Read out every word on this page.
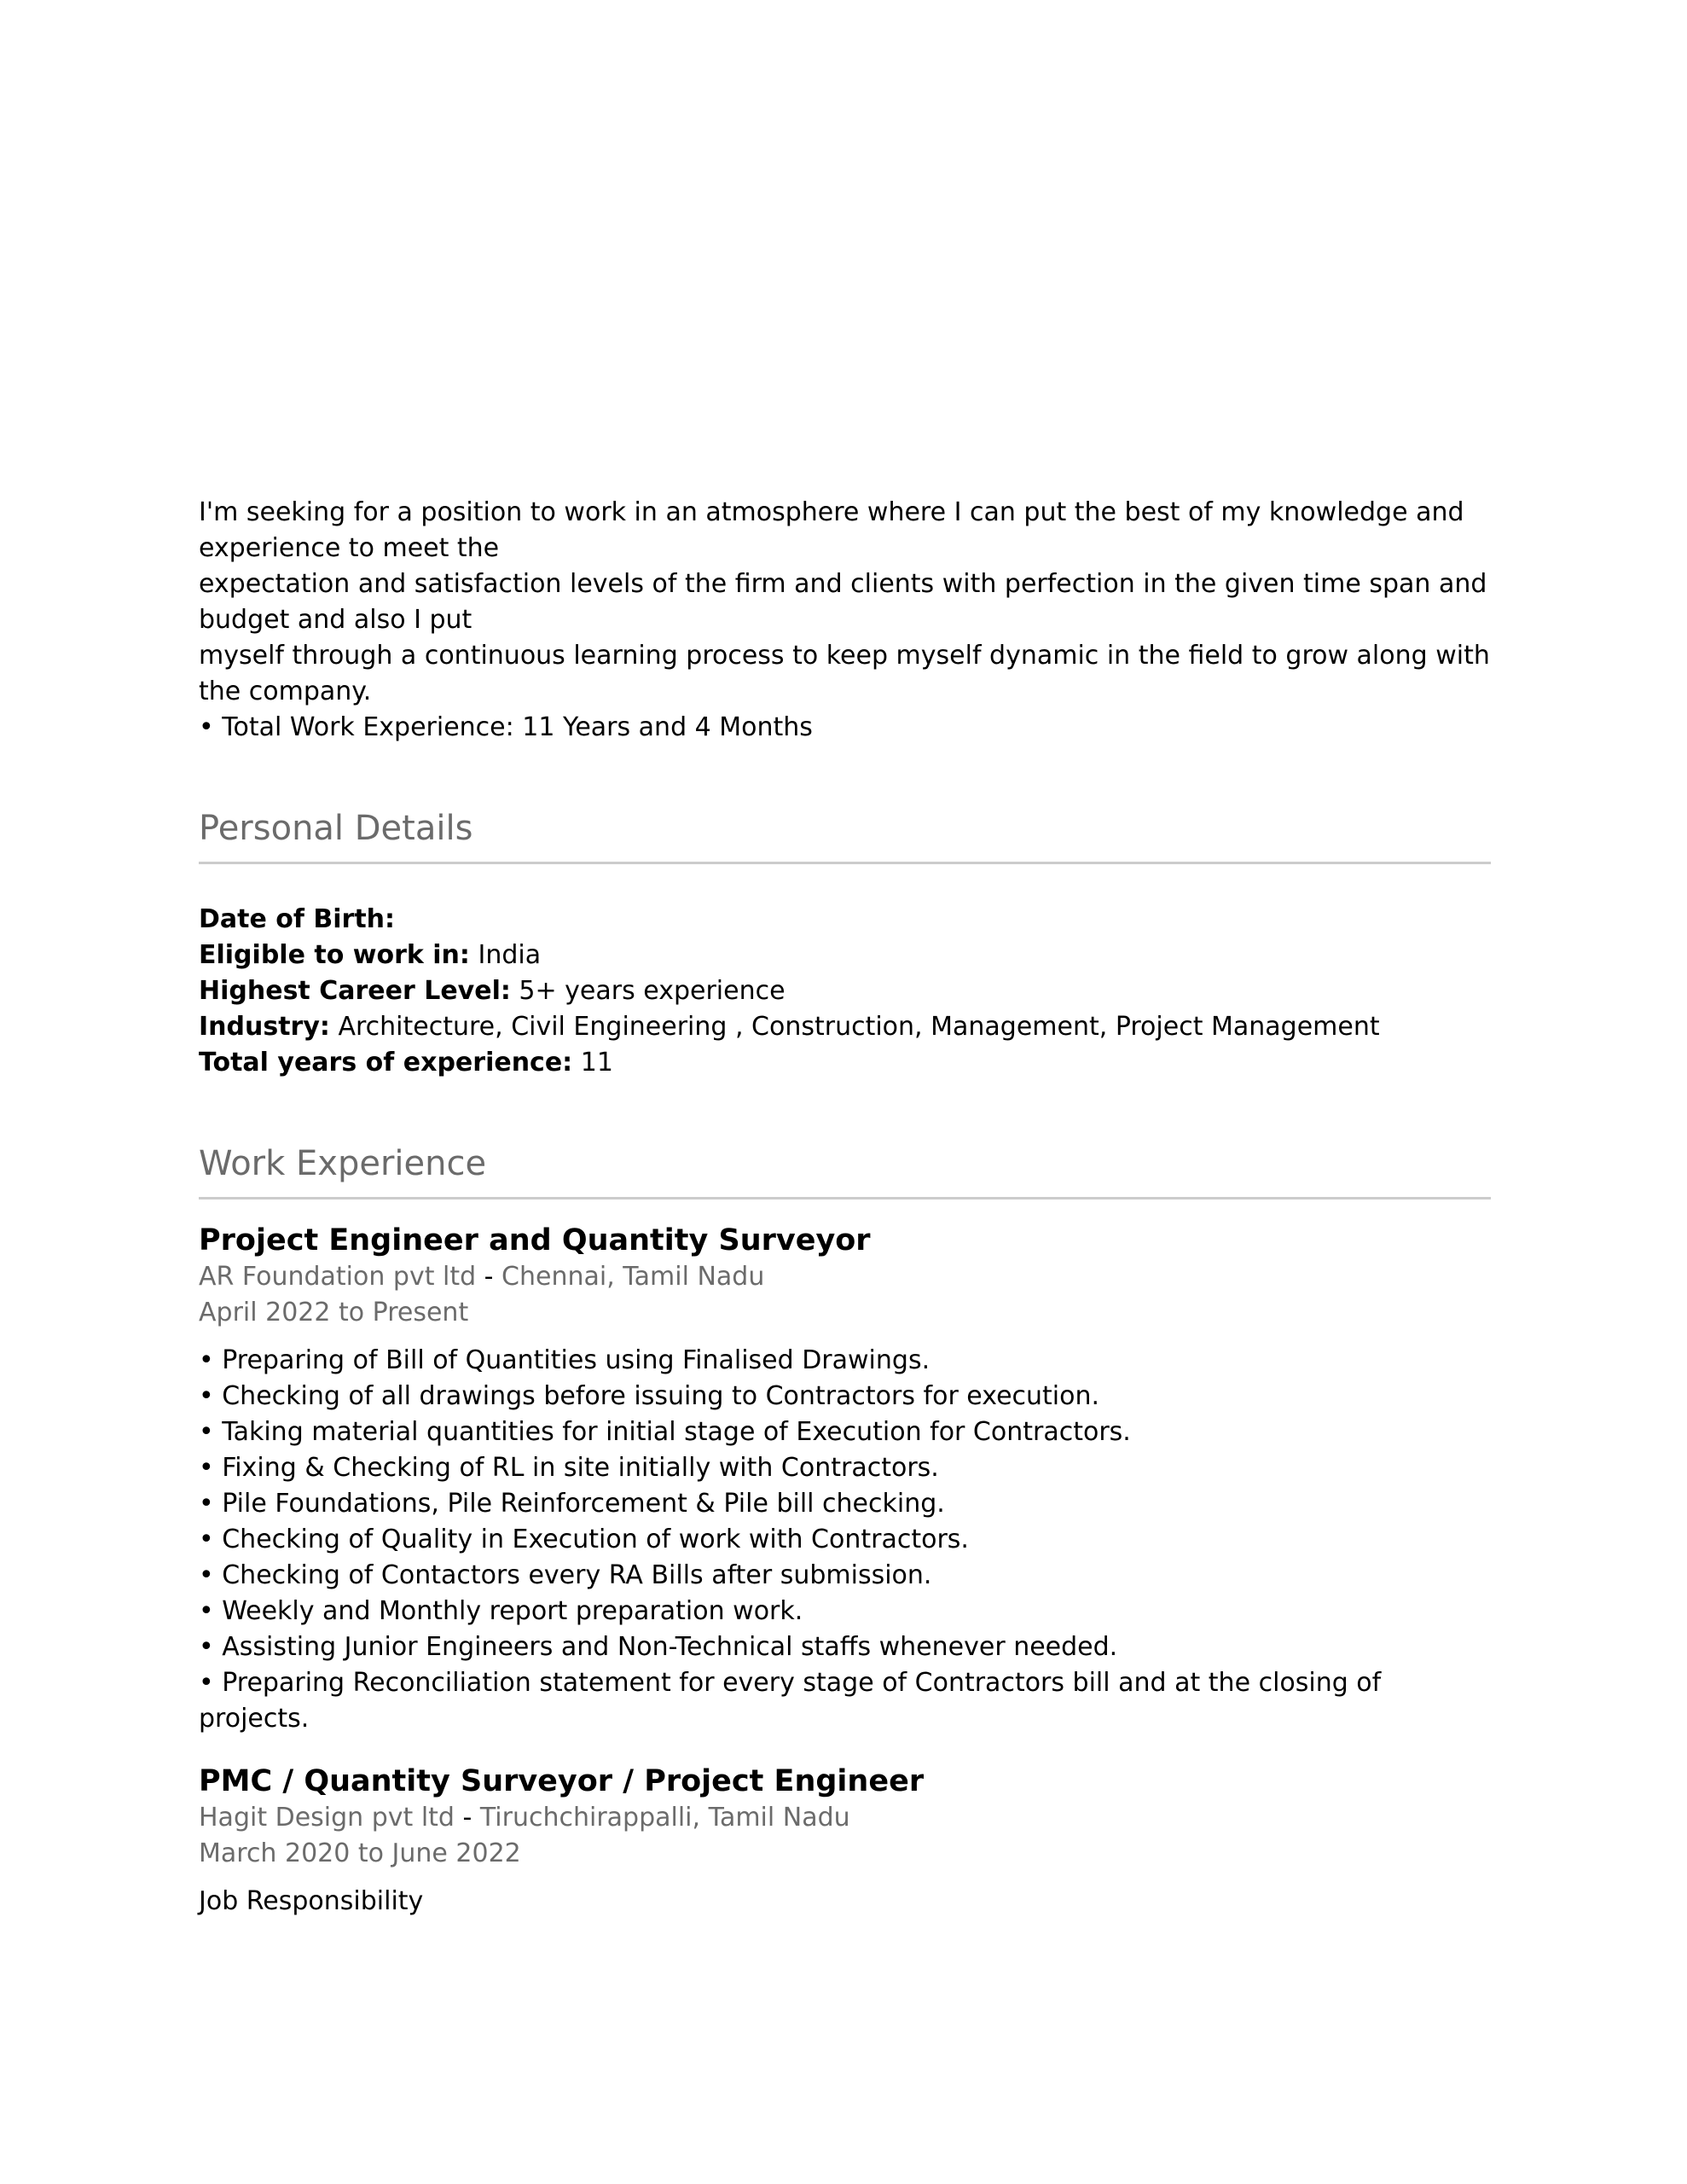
I'm seeking for a position to work in an atmosphere where I can put the best of my knowledge and experience to meet the

expectation and satisfaction levels of the firm and clients with perfection in the given time span and budget and also I put

myself through a continuous learning process to keep myself dynamic in the field to grow along with the company.

• Total Work Experience: 11 Years and 4 Months

Personal Details

Date of Birth:

Eligible to work in: India

Highest Career Level: 5+ years experience

Industry: Architecture, Civil Engineering , Construction, Management, Project Management

Total years of experience: 11

Work Experience
Project Engineer and Quantity Surveyor
AR Foundation pvt ltd - Chennai, Tamil Nadu
April 2022 to Present
• Preparing of Bill of Quantities using Finalised Drawings.
• Checking of all drawings before issuing to Contractors for execution.
• Taking material quantities for initial stage of Execution for Contractors.
• Fixing & Checking of RL in site initially with Contractors.
• Pile Foundations, Pile Reinforcement & Pile bill checking.
• Checking of Quality in Execution of work with Contractors.
• Checking of Contactors every RA Bills after submission.
• Weekly and Monthly report preparation work.
• Assisting Junior Engineers and Non-Technical staffs whenever needed.
• Preparing Reconciliation statement for every stage of Contractors bill and at the closing of projects.
PMC / Quantity Surveyor / Project Engineer
Hagit Design pvt ltd - Tiruchchirappalli, Tamil Nadu
March 2020 to June 2022
Job Responsibility
